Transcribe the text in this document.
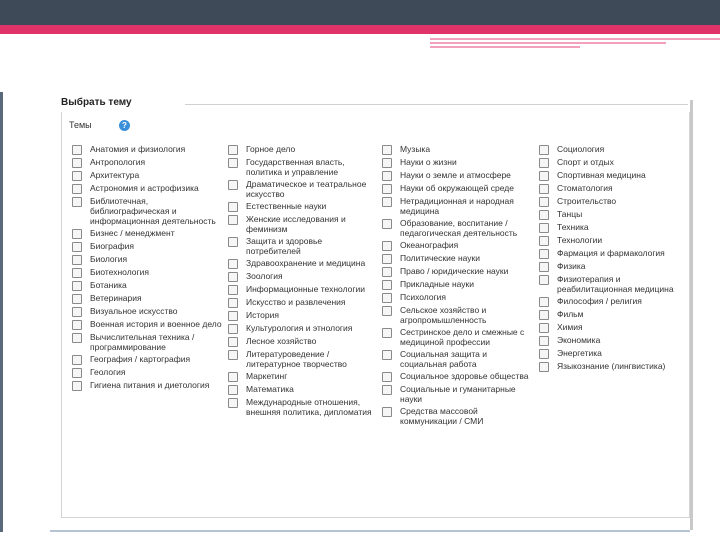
Выбрать тему
Темы	?
Анатомия и физиология
Антропология
Архитектура
Астрономия и астрофизика
Библиотечная, библиографическая и информационная деятельность
Бизнес / менеджмент
Биография
Биология
Биотехнология
Ботаника
Ветеринария
Визуальное искусство
Военная история и военное дело
Вычислительная техника / программирование
География / картография
Геология
Гигиена питания и диетология
Горное дело
Государственная власть, политика и управление
Драматическое и театральное искусство
Естественные науки
Женские исследования и феминизм
Защита и здоровье потребителей
Здравоохранение и медицина
Зоология
Информационные технологии
Искусство и развлечения
История
Культурология и этнология
Лесное хозяйство
Литературоведение / литературное творчество
Маркетинг
Математика
Международные отношения, внешняя политика, дипломатия
Музыка
Науки о жизни
Науки о земле и атмосфере
Науки об окружающей среде
Нетрадиционная и народная медицина
Образование, воспитание / педагогическая деятельность
Океанография
Политические науки
Право / юридические науки
Прикладные науки
Психология
Сельское хозяйство и агропромышленность
Сестринское дело и смежные с медициной профессии
Социальная защита и социальная работа
Социальное здоровье общества
Социальные и гуманитарные науки
Средства массовой коммуникации / СМИ
Социология
Спорт и отдых
Спортивная медицина
Стоматология
Строительство
Танцы
Техника
Технологии
Фармация и фармакология
Физика
Физиотерапия и реабилитационная медицина
Философия / религия
Фильм
Химия
Экономика
Энергетика
Языкознание (лингвистика)
